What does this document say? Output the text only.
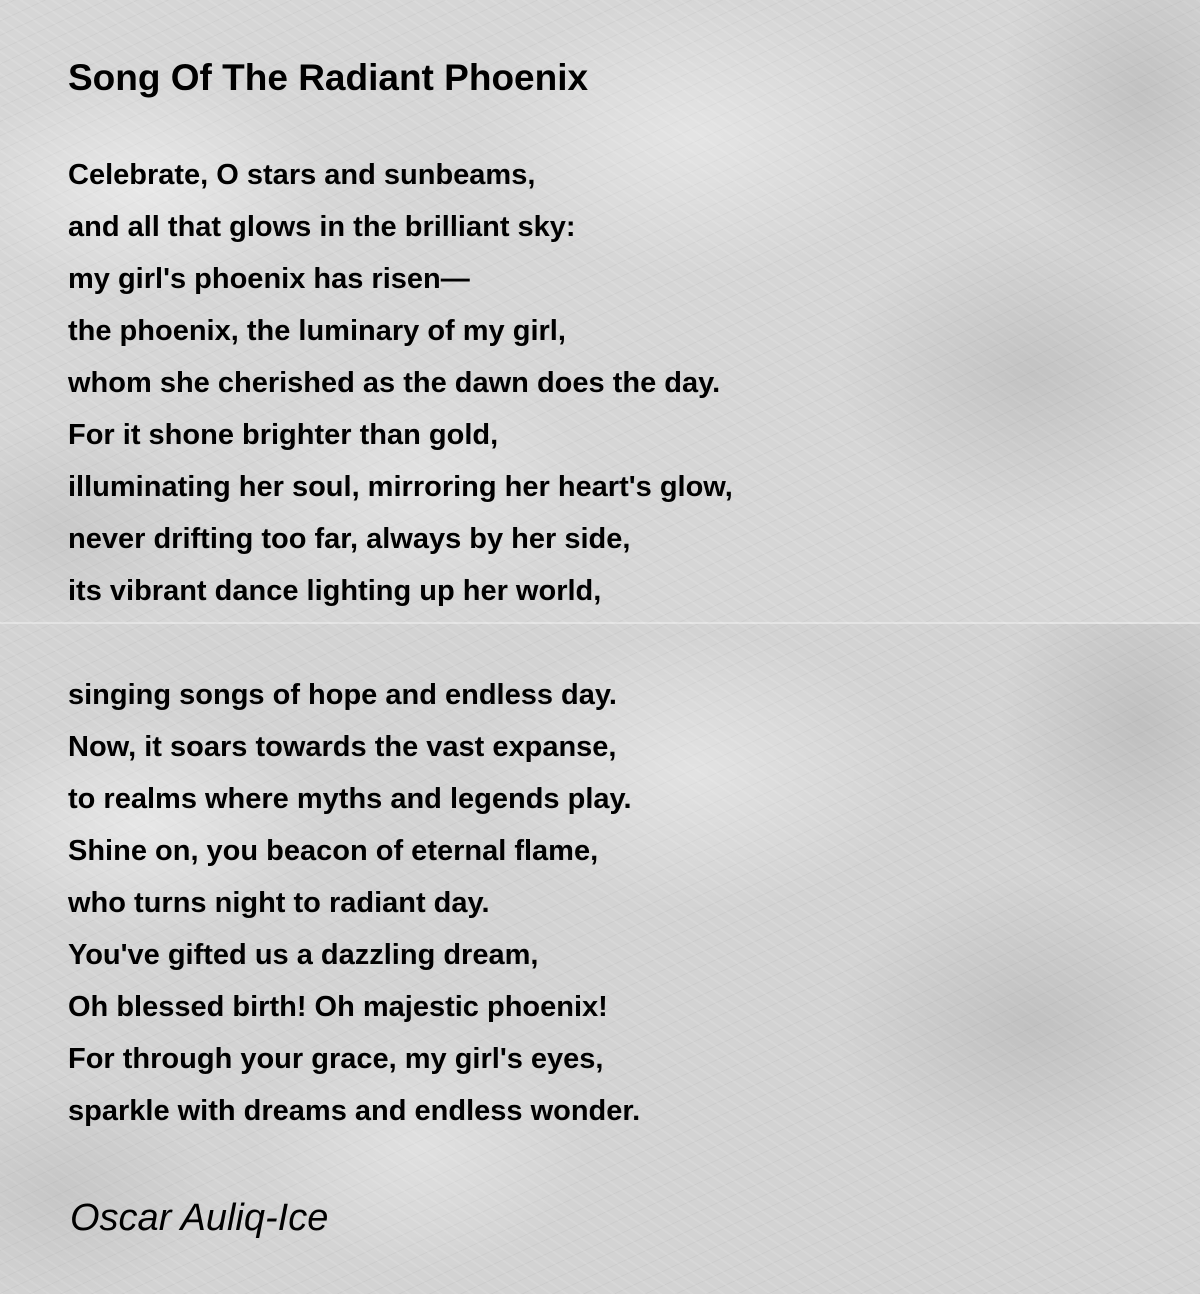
Song Of The Radiant Phoenix
Celebrate, O stars and sunbeams,
and all that glows in the brilliant sky:
my girl's phoenix has risen—
the phoenix, the luminary of my girl,
whom she cherished as the dawn does the day.
For it shone brighter than gold,
illuminating her soul, mirroring her heart's glow,
never drifting too far, always by her side,
its vibrant dance lighting up her world,
singing songs of hope and endless day.
Now, it soars towards the vast expanse,
to realms where myths and legends play.
Shine on, you beacon of eternal flame,
who turns night to radiant day.
You've gifted us a dazzling dream,
Oh blessed birth! Oh majestic phoenix!
For through your grace, my girl's eyes,
sparkle with dreams and endless wonder.

Oscar Auliq-Ice
